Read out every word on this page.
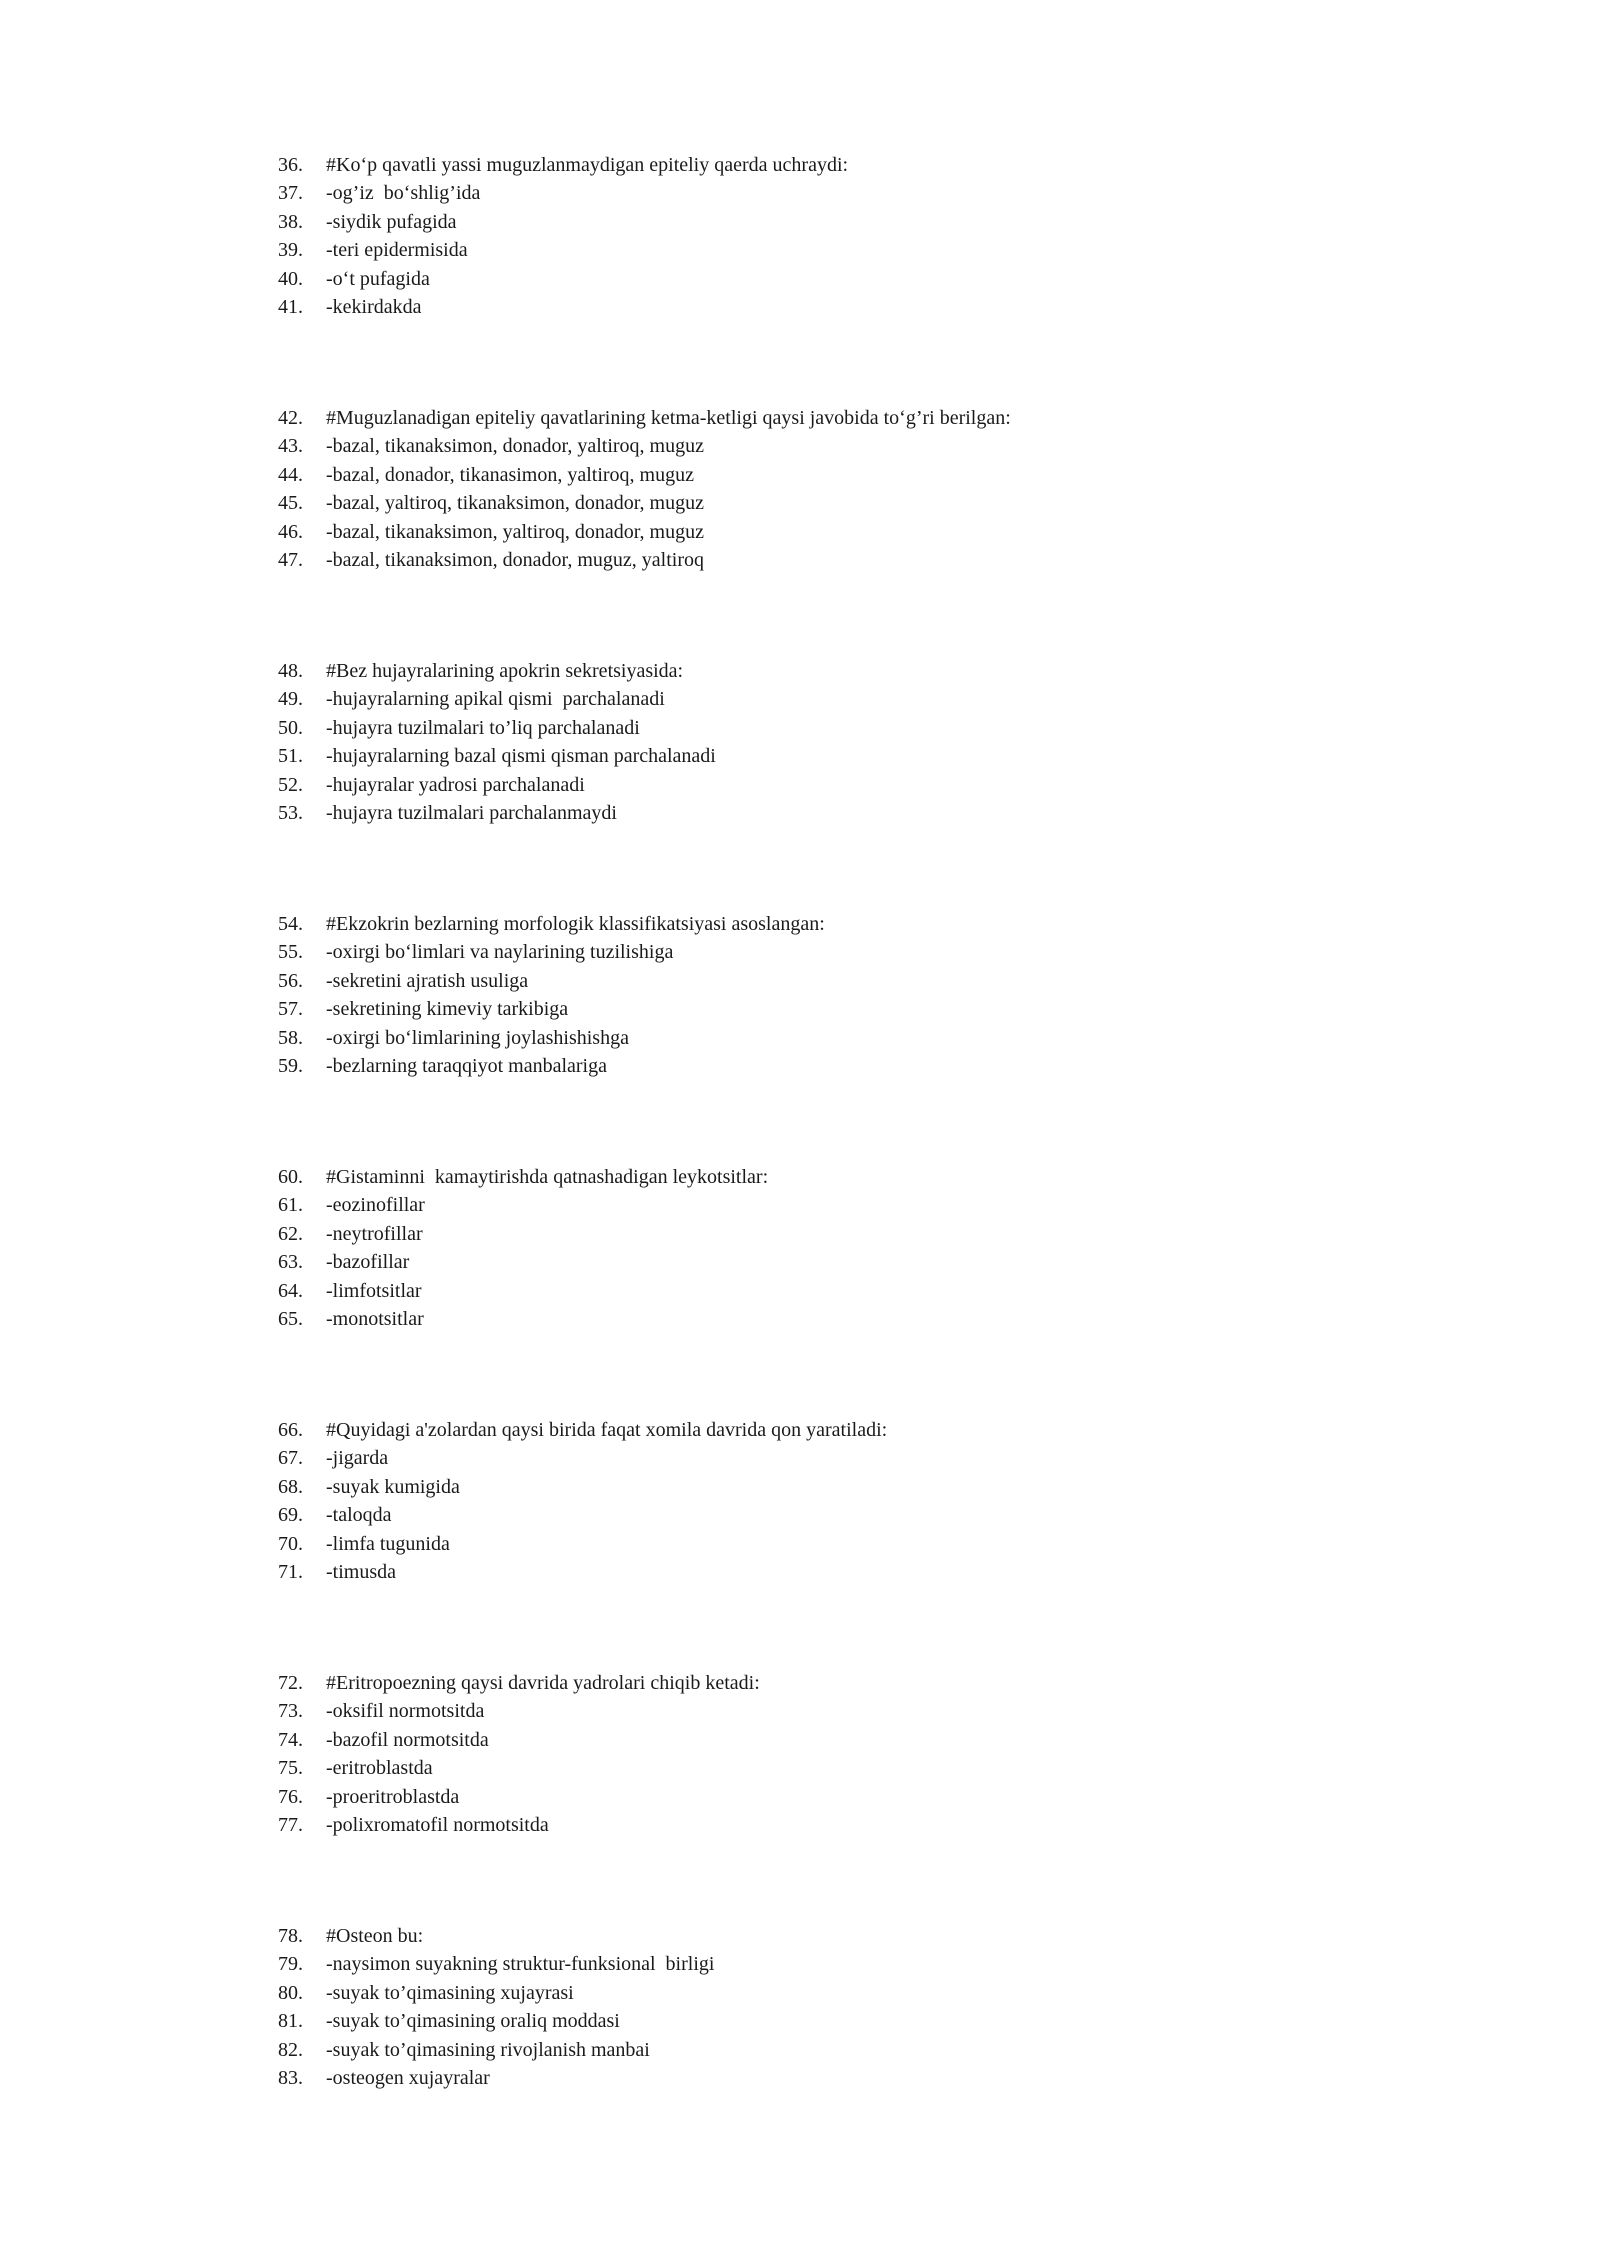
36.	#Ko‘p qavatli yassi muguzlanmaydigan epiteliy qaerda uchraydi:
37.	-og’iz  bo‘shlig’ida
38.	-siydik pufagida
39.	-teri epidermisida
40.	-o‘t pufagida
41.	-kekirdakda
42.	#Muguzlanadigan epiteliy qavatlarining ketma-ketligi qaysi javobida to‘g’ri berilgan:
43.	-bazal, tikanaksimon, donador, yaltiroq, muguz
44.	-bazal, donador, tikanasimon, yaltiroq, muguz
45.	-bazal, yaltiroq, tikanaksimon, donador, muguz
46.	-bazal, tikanaksimon, yaltiroq, donador, muguz
47.	-bazal, tikanaksimon, donador, muguz, yaltiroq
48.	#Bez hujayralarining apokrin sekretsiyasida:
49.	-hujayralarning apikal qismi  parchalanadi
50.	-hujayra tuzilmalari to’liq parchalanadi
51.	-hujayralarning bazal qismi qisman parchalanadi
52.	-hujayralar yadrosi parchalanadi
53.	-hujayra tuzilmalari parchalanmaydi
54.	#Ekzokrin bezlarning morfologik klassifikatsiyasi asoslangan:
55.	-oxirgi bo‘limlari va naylarining tuzilishiga
56.	-sekretini ajratish usuliga
57.	-sekretining kimeviy tarkibiga
58.	-oxirgi bo‘limlarining joylashishishga
59.	-bezlarning taraqqiyot manbalariga
60.	#Gistaminni  kamaytirishda qatnashadigan leykotsitlar:
61.	-eozinofillar
62.	-neytrofillar
63.	-bazofillar
64.	-limfotsitlar
65.	-monotsitlar
66.	#Quyidagi a'zolardan qaysi birida faqat xomila davrida qon yaratiladi:
67.	-jigarda
68.	-suyak kumigida
69.	-taloqda
70.	-limfa tugunida
71.	-timusda
72.	#Eritropoezning qaysi davrida yadrolari chiqib ketadi:
73.	-oksifil normotsitda
74.	-bazofil normotsitda
75.	-eritroblastda
76.	-proeritroblastda
77.	-polixromatofil normotsitda
78.	#Osteon bu:
79.	-naysimon suyakning struktur-funksional  birligi
80.	-suyak to’qimasining xujayrasi
81.	-suyak to’qimasining oraliq moddasi
82.	-suyak to’qimasining rivojlanish manbai
83.	-osteogen xujayralar
